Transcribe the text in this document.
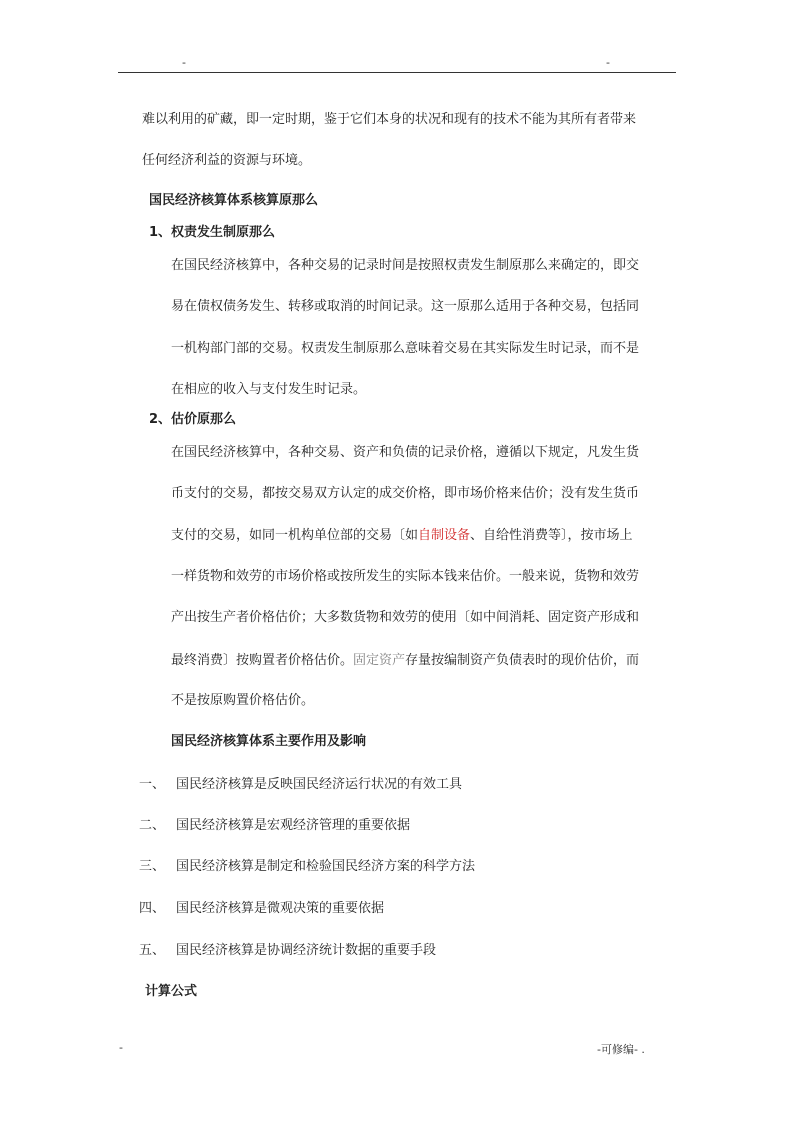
-	-
难以利用的矿藏，即一定时期，鉴于它们本身的状况和现有的技术不能为其所有者带来
任何经济利益的资源与环境。
国民经济核算体系核算原那么
1、 权责发生制原那么
在国民经济核算中，各种交易的记录时间是按照权责发生制原那么来确定的，即交
易在债权债务发生、转移或取消的时间记录。这一原那么适用于各种交易，包括同
一机构部门部的交易。权责发生制原那么意味着交易在其实际发生时记录，而不是
在相应的收入与支付发生时记录。
2、 估价原那么
在国民经济核算中，各种交易、资产和负债的记录价格，遵循以下规定，凡发生货
币支付的交易，都按交易双方认定的成交价格，即市场价格来估价；没有发生货币
支付的交易，如同一机构单位部的交易〔如自制设备、自给性消费等〕，按市场上
一样货物和效劳的市场价格或按所发生的实际本钱来估价。一般来说，货物和效劳
产出按生产者价格估价；大多数货物和效劳的使用〔如中间消耗、固定资产形成和
最终消费〕按购置者价格估价。固定资产存量按编制资产负债表时的现价估价，而
不是按原购置价格估价。
国民经济核算体系主要作用及影响
一、 国民经济核算是反映国民经济运行状况的有效工具
二、 国民经济核算是宏观经济管理的重要依据
三、 国民经济核算是制定和检验国民经济方案的科学方法
四、 国民经济核算是微观决策的重要依据
五、 国民经济核算是协调经济统计数据的重要手段
计算公式
-	-可修编- .
